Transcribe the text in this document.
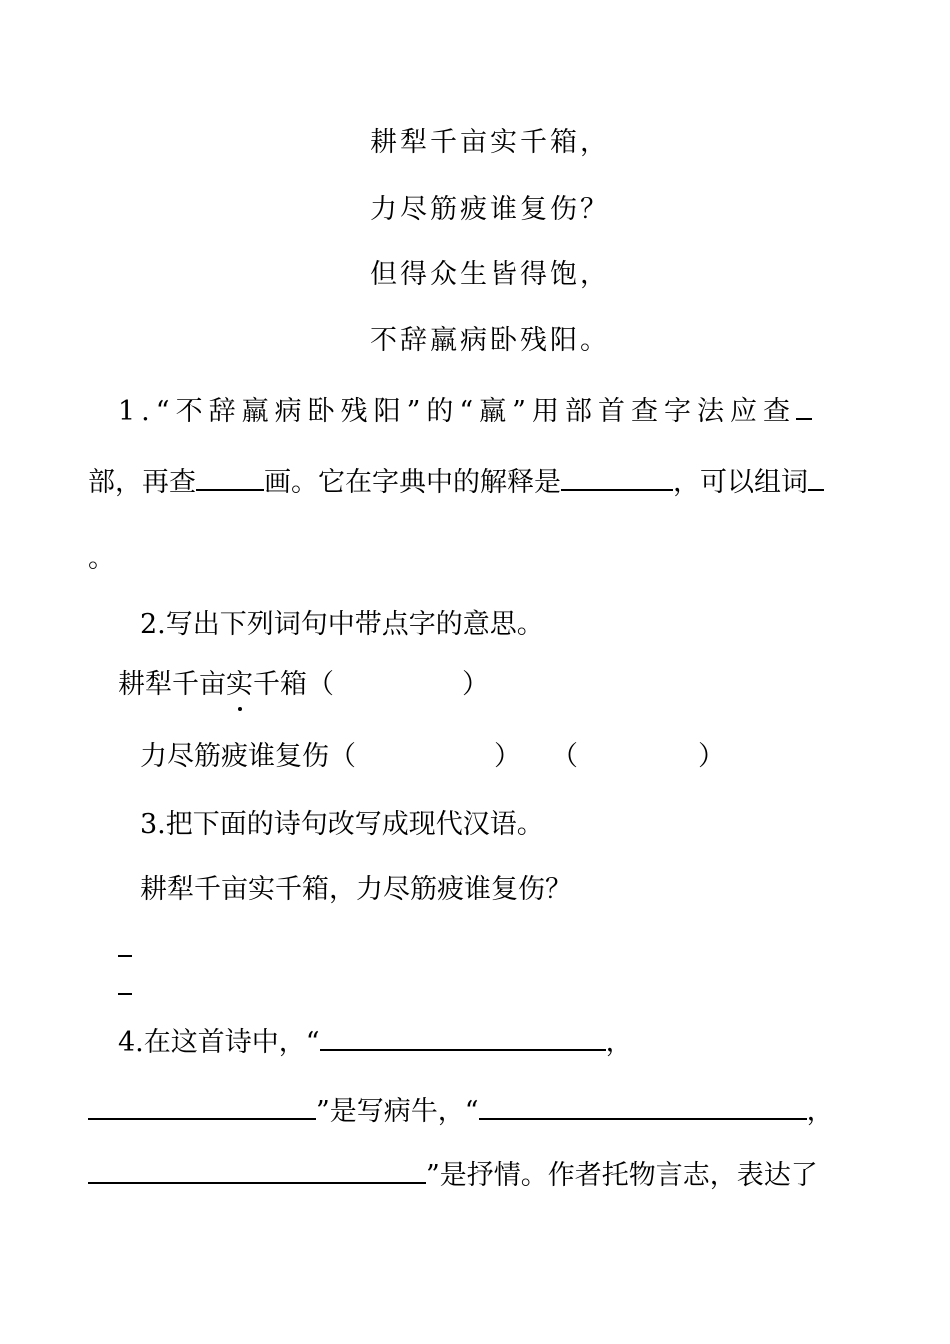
耕犁千亩实千箱，
力尽筋疲谁复伤？
但得众生皆得饱，
不辞羸病卧残阳。
1.“不辞羸病卧残阳”的“羸”用部首查字法应查
部，再查	画。它在字典中的解释是	，可以组词
。
2.写出下列词句中带点字的意思。
耕犁千亩实千箱（	）
力尽筋疲谁复伤（	） （	）
3.把下面的诗句改写成现代汉语。
耕犁千亩实千箱，力尽筋疲谁复伤？
4.在这首诗中，“	，
”是写病牛，“	，
”是抒情。作者托物言志，表达了
